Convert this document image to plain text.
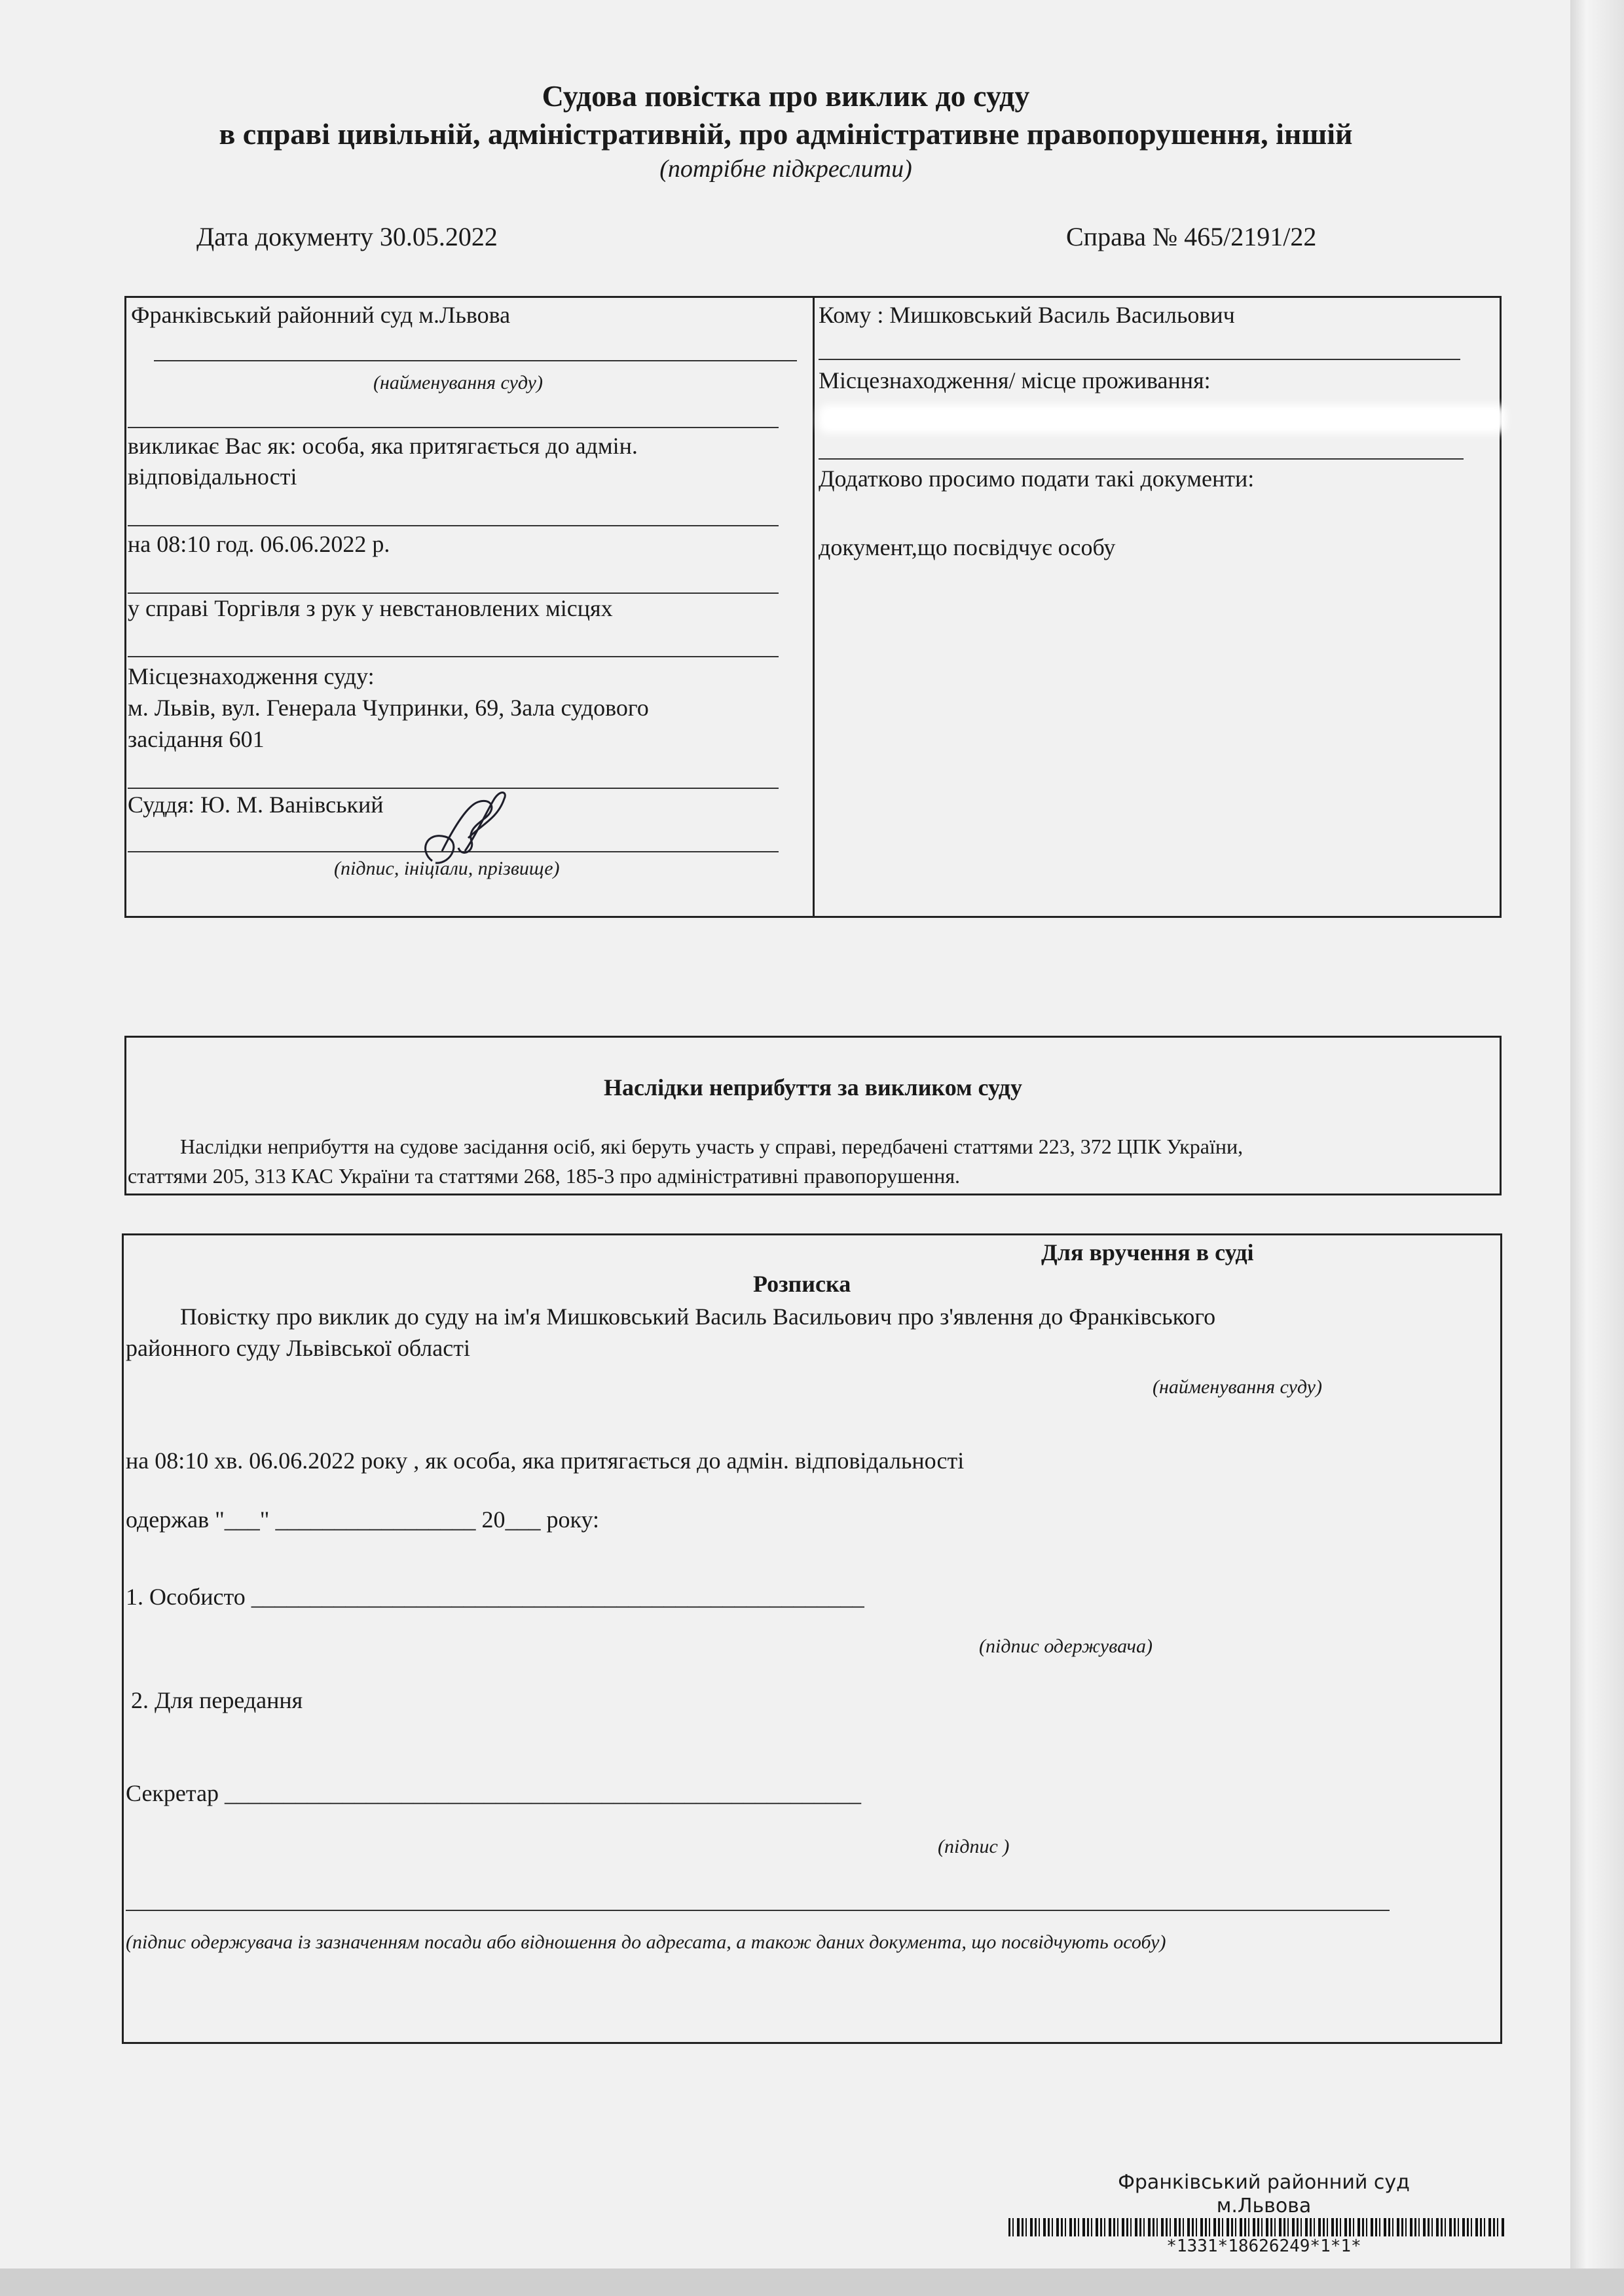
Судова повістка про виклик до суду
в справі цивільній, адміністративній, про адміністративне правопорушення, іншій
(потрібне підкреслити)
Дата документу 30.05.2022	Справа № 465/2191/22
Франківський районний суд м.Львова
(найменування суду)
викликає Вас як: особа, яка притягається до адмін.
відповідальності
на 08:10 год. 06.06.2022 р.
у справі Торгівля з рук у невстановлених місцях
Місцезнаходження суду:
м. Львів, вул. Генерала Чупринки, 69, Зала судового
засідання 601
Суддя: Ю. М. Ванівський
(підпис, ініціали, прізвище)
Кому : Мишковський Василь Васильович
Місцезнаходження/ місце проживання:
Додатково просимо подати такі документи:
документ,що посвідчує особу
Наслідки неприбуття за викликом суду
Наслідки неприбуття на судове засідання осіб, які беруть участь у справі, передбачені статтями 223, 372 ЦПК України,
статтями 205, 313 КАС України та статтями 268, 185-3 про адміністративні правопорушення.
Для вручення в суді
Розписка
Повістку про виклик до суду на ім'я Мишковський Василь Васильович про з'явлення до Франківського
районного суду Львівської області
(найменування суду)
на 08:10 хв. 06.06.2022 року , як особа, яка притягається до адмін. відповідальності
одержав "___" _________________ 20___ року:
1. Особисто ____________________________________________________
(підпис одержувача)
2. Для передання
Секретар ______________________________________________________
(підпис )
(підпис одержувача із зазначенням посади або відношення до адресата, а також даних документа, що посвідчують особу)
Франківський районний суд
м.Львова
*1331*18626249*1*1*
